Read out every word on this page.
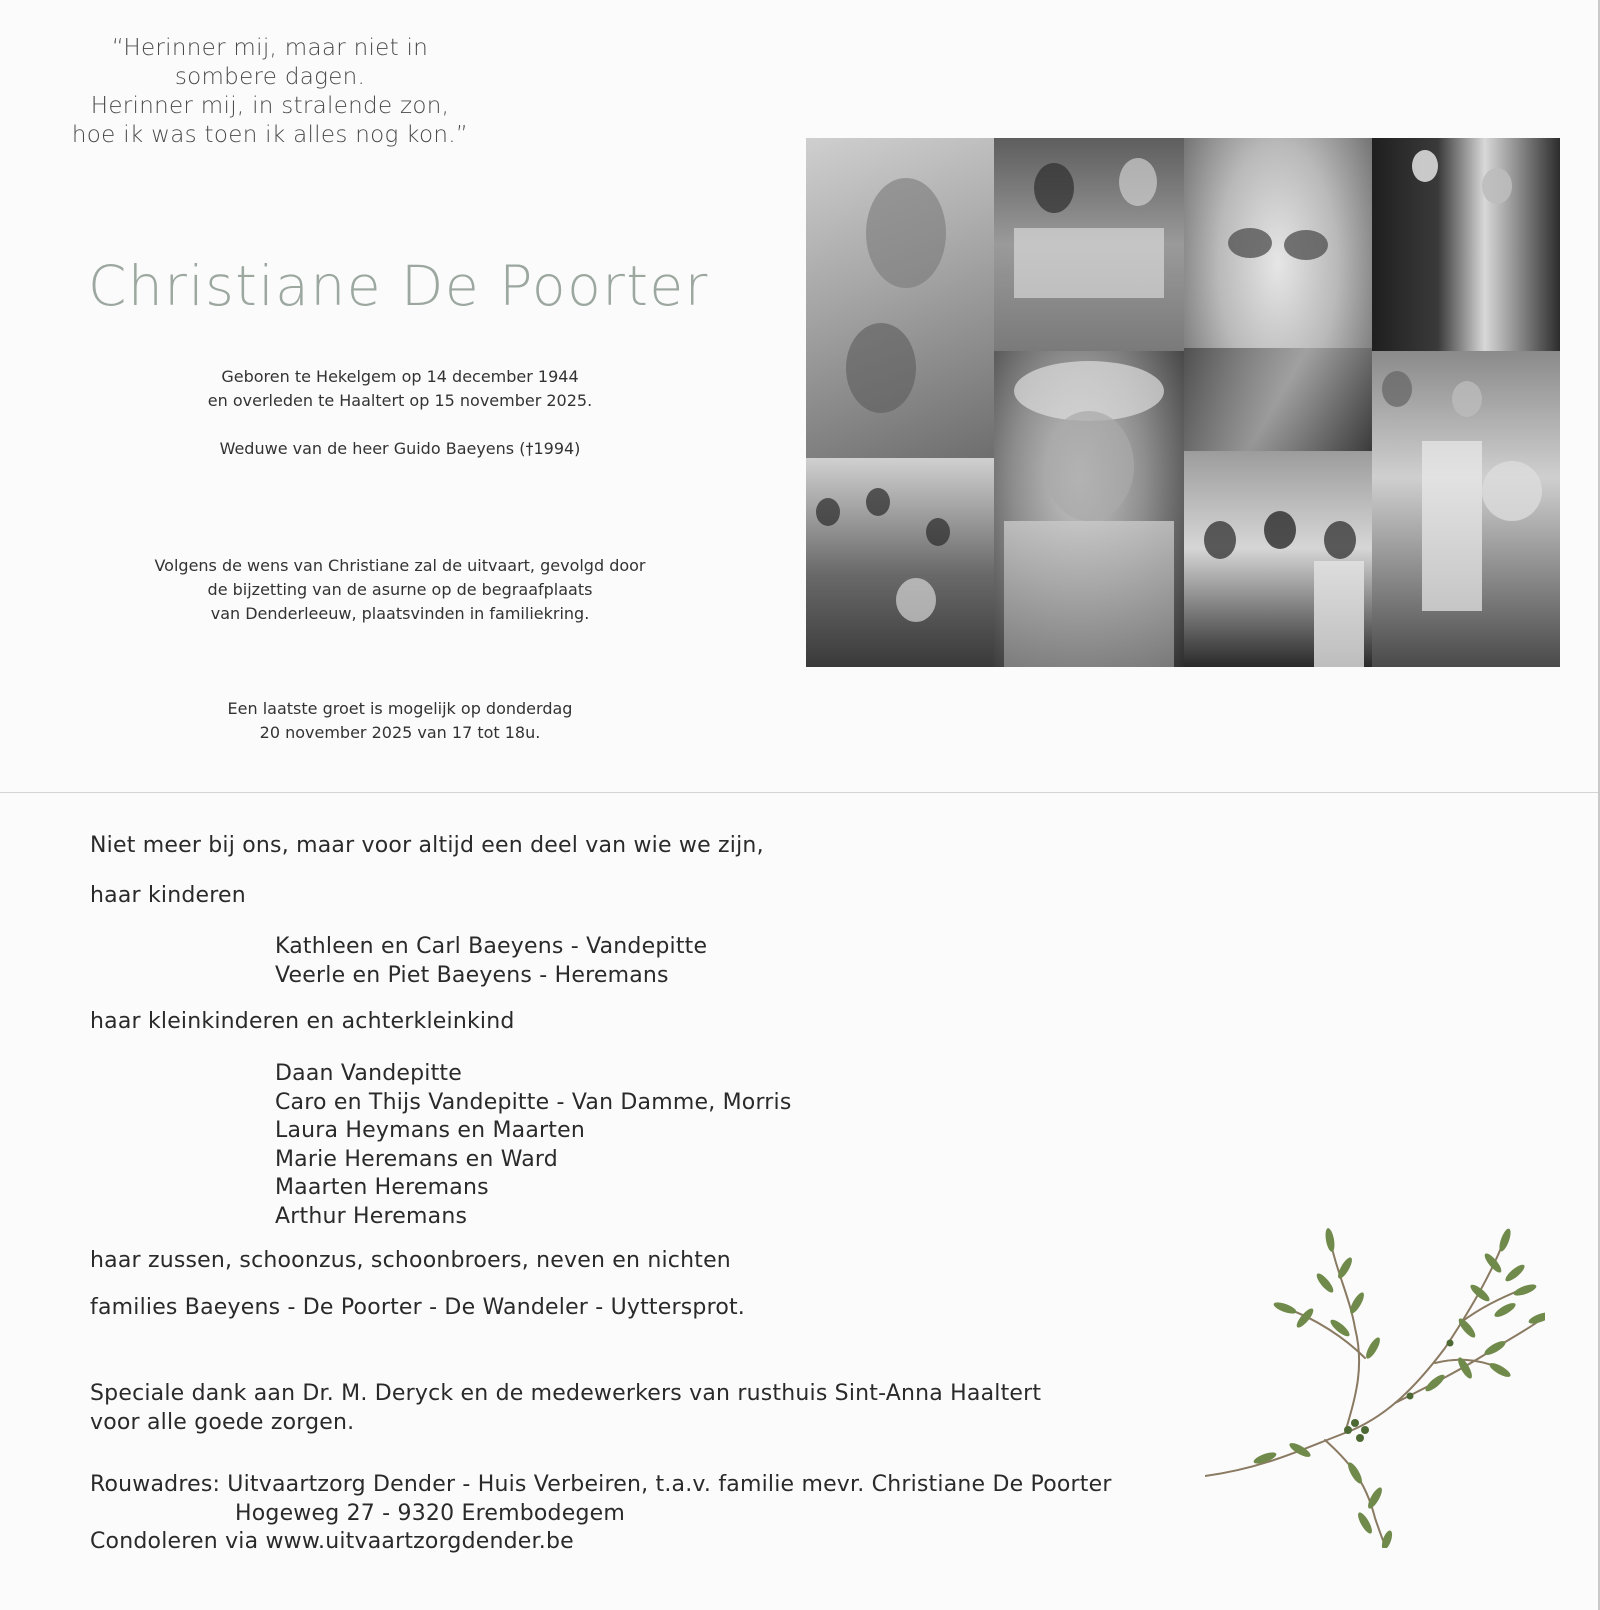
“Herinner mij, maar niet in
sombere dagen.
Herinner mij, in stralende zon,
hoe ik was toen ik alles nog kon.”
Christiane De Poorter
Geboren te Hekelgem op 14 december 1944
en overleden te Haaltert op 15 november 2025.
Weduwe van de heer Guido Baeyens (†1994)
Volgens de wens van Christiane zal de uitvaart, gevolgd door
de bijzetting van de asurne op de begraafplaats
van Denderleeuw, plaatsvinden in familiekring.
Een laatste groet is mogelijk op donderdag
20 november 2025 van 17 tot 18u.
Niet meer bij ons, maar voor altijd een deel van wie we zijn,
haar kinderen
Kathleen en Carl Baeyens - Vandepitte
Veerle en Piet Baeyens - Heremans
haar kleinkinderen en achterkleinkind
Daan Vandepitte
Caro en Thijs Vandepitte - Van Damme, Morris
Laura Heymans en Maarten
Marie Heremans en Ward
Maarten Heremans
Arthur Heremans
haar zussen, schoonzus, schoonbroers, neven en nichten
families Baeyens - De Poorter - De Wandeler - Uyttersprot.
Speciale dank aan Dr. M. Deryck en de medewerkers van rusthuis Sint-Anna Haaltert
voor alle goede zorgen.
Rouwadres: Uitvaartzorg Dender - Huis Verbeiren, t.a.v. familie mevr. Christiane De Poorter
Hogeweg 27 - 9320 Erembodegem
Condoleren via www.uitvaartzorgdender.be
